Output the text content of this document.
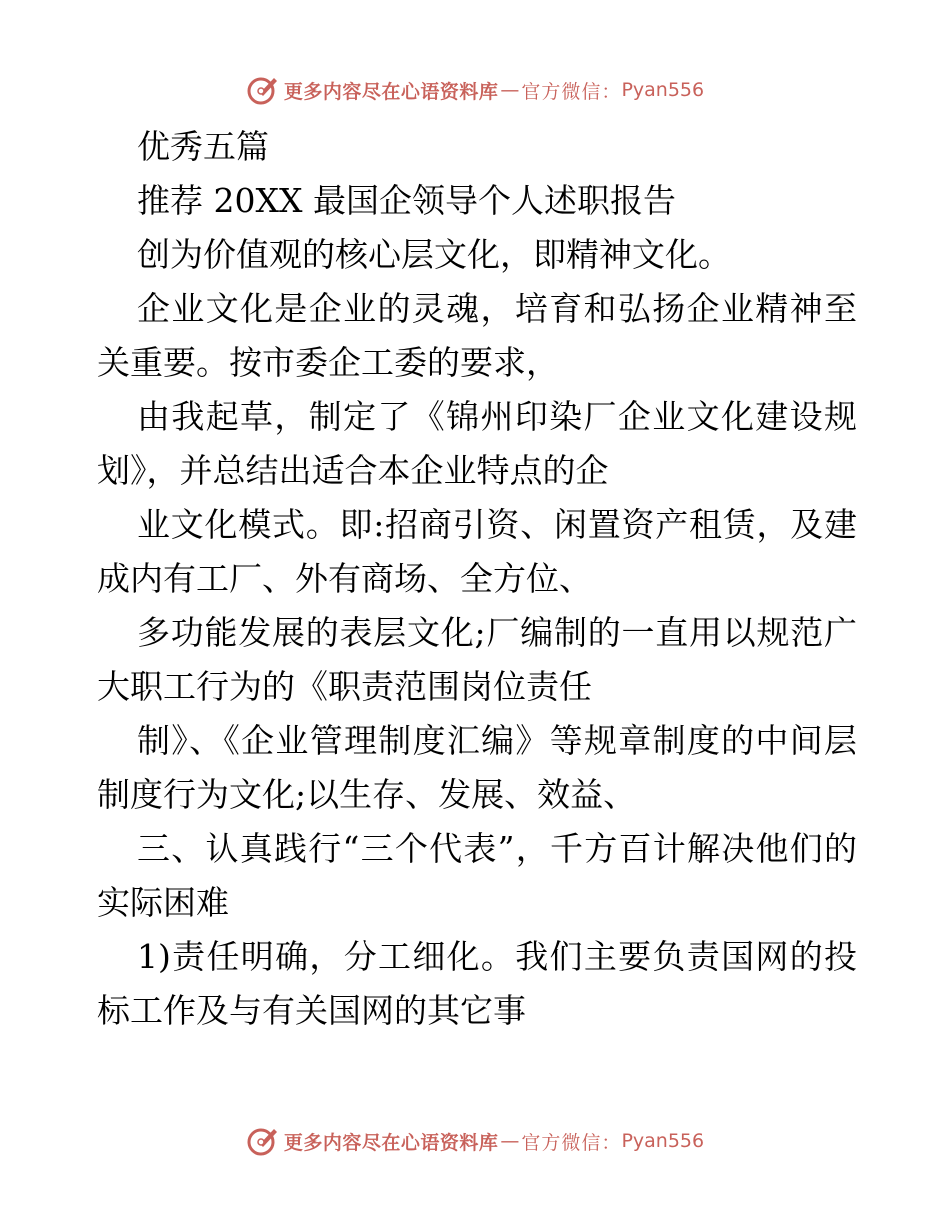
更多内容尽在心语资料库 — 官方微信： Pyan556

优秀五篇

推荐 20XX 最国企领导个人述职报告

创为价值观的核心层文化，即精神文化。

企业文化是企业的灵魂，培育和弘扬企业精神至关重要。按市委企工委的要求，

由我起草，制定了《锦州印染厂企业文化建设规划》，并总结出适合本企业特点的企

业文化模式。即:招商引资、闲置资产租赁，及建成内有工厂、外有商场、全方位、

多功能发展的表层文化;厂编制的一直用以规范广大职工行为的《职责范围岗位责任

制》、《企业管理制度汇编》等规章制度的中间层制度行为文化;以生存、发展、效益、

三、认真践行“三个代表”，千方百计解决他们的实际困难

1)责任明确，分工细化。我们主要负责国网的投标工作及与有关国网的其它事

更多内容尽在心语资料库 — 官方微信： Pyan556
